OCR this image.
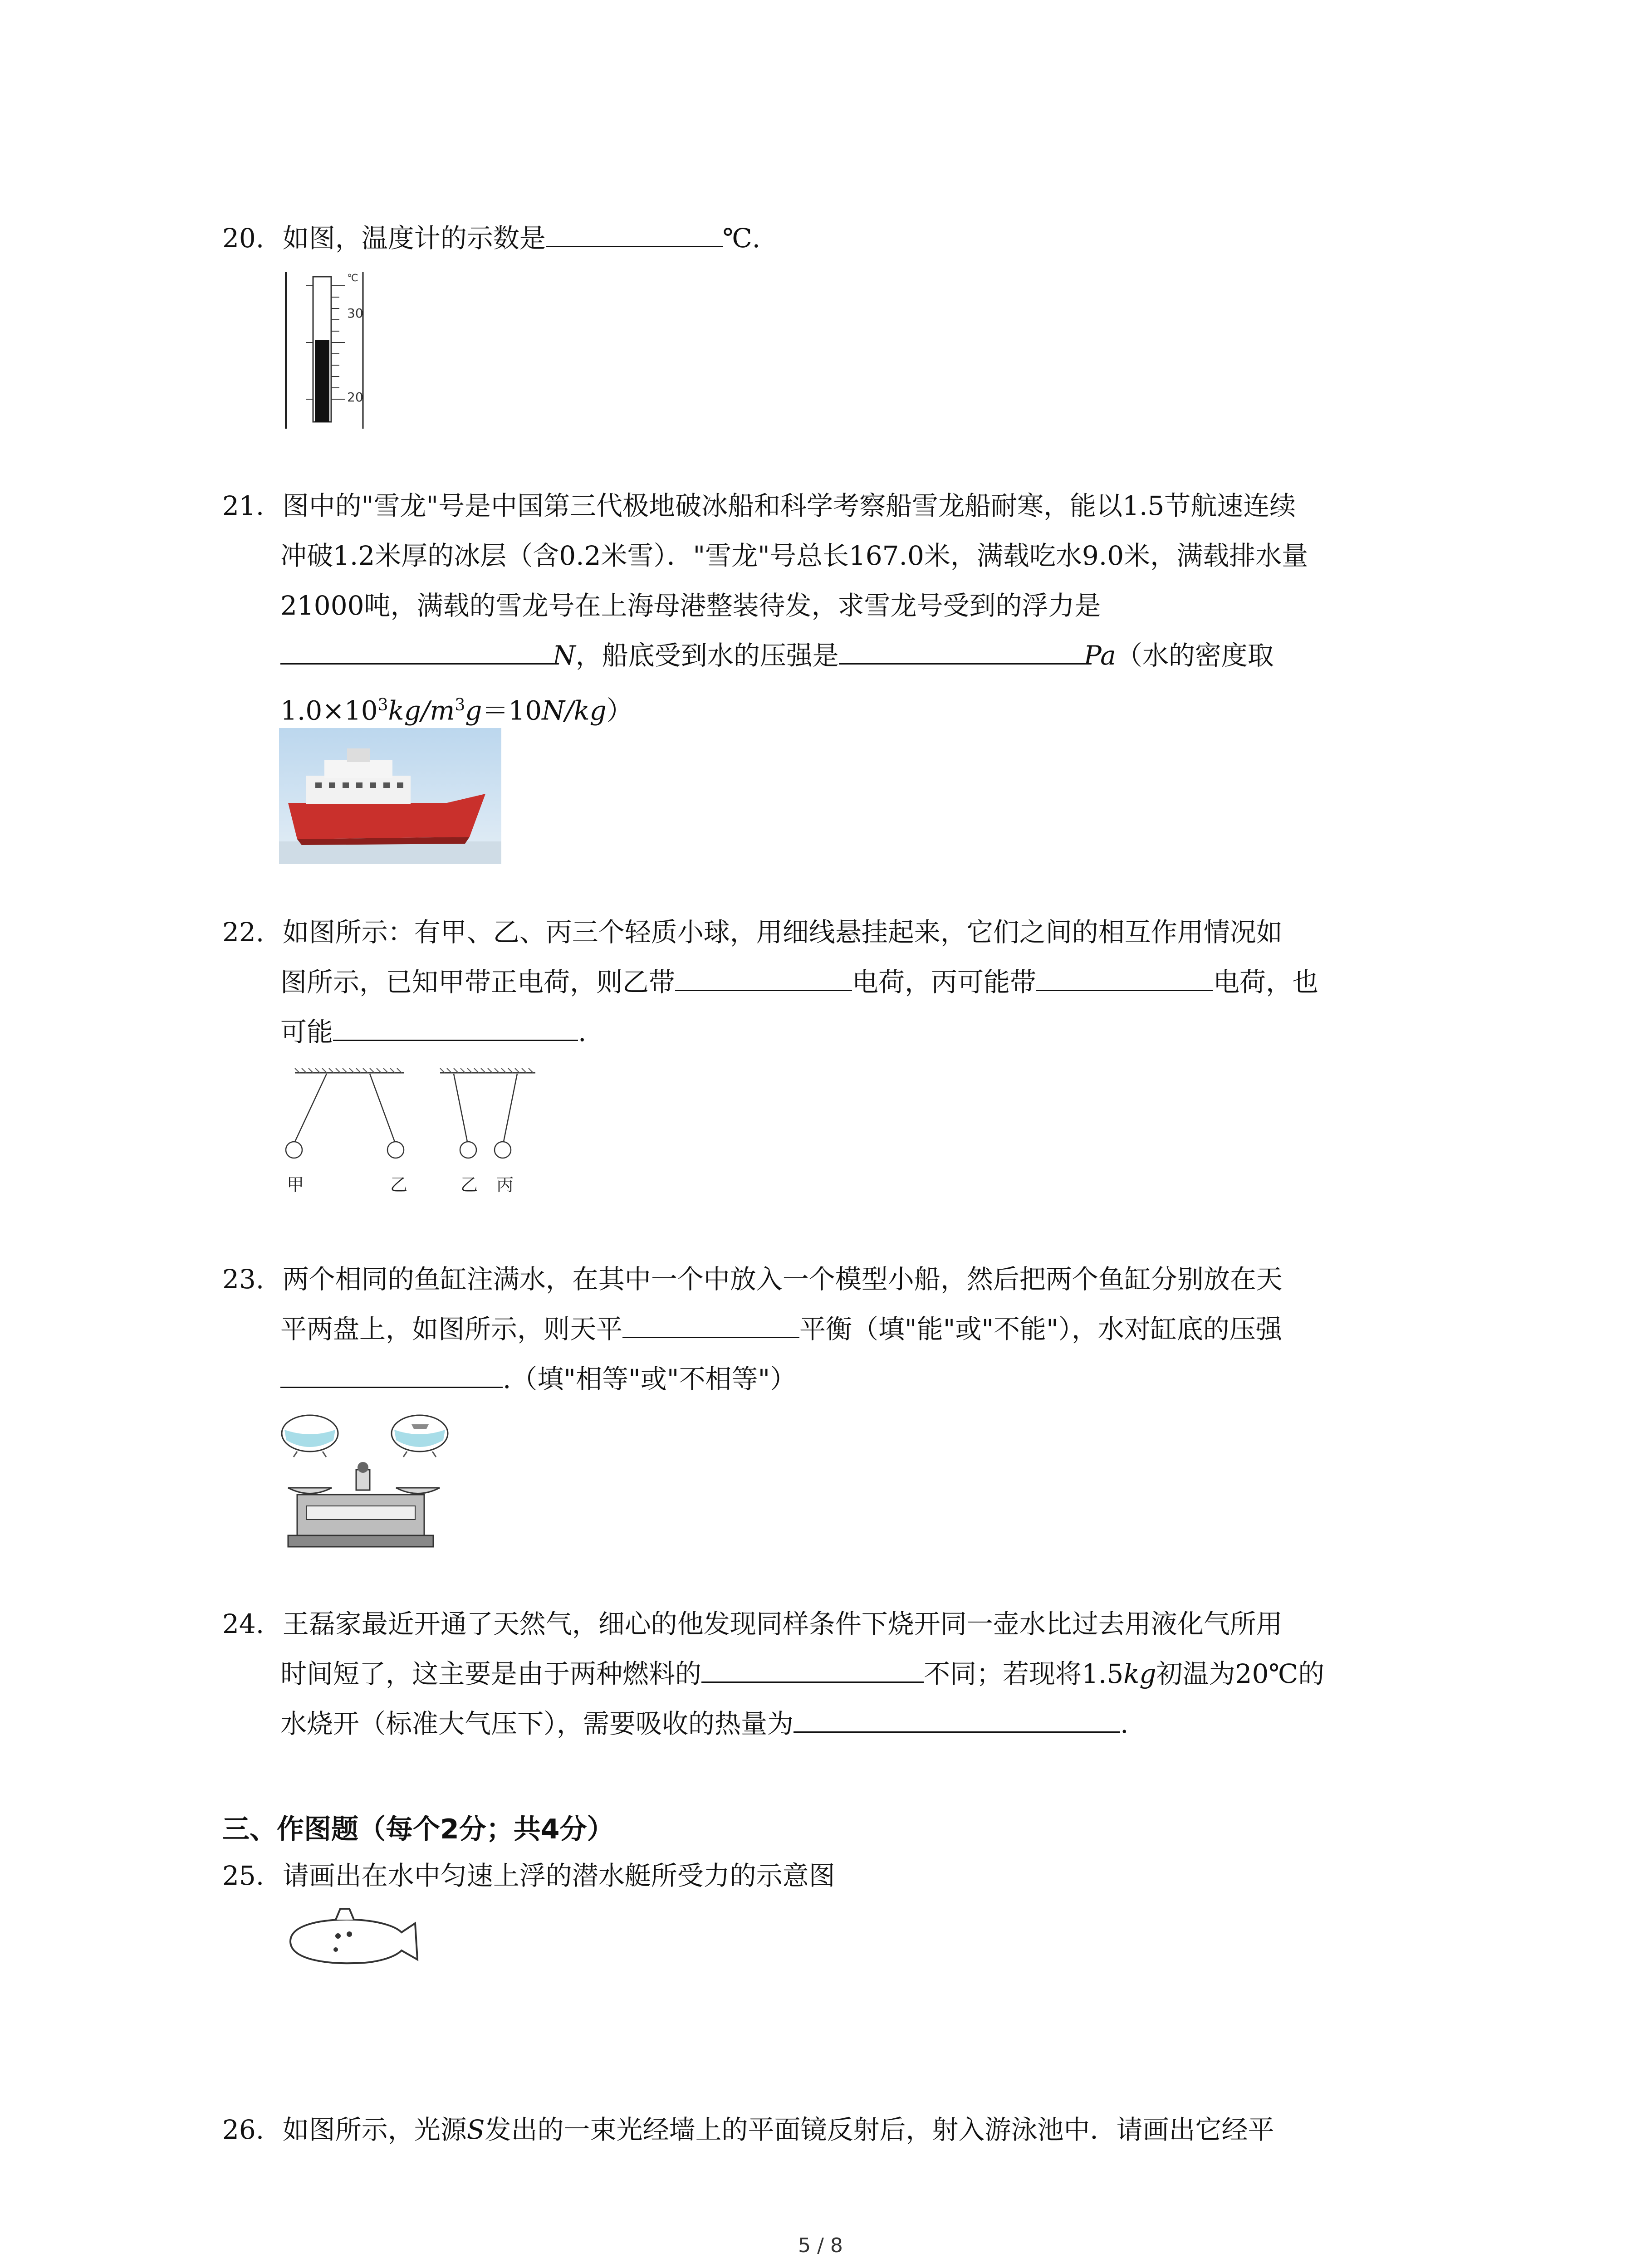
20. 如图，温度计的示数是	℃.
℃
30
20
21. 图中的"雪龙"号是中国第三代极地破冰船和科学考察船雪龙船耐寒，能以1.5节航速连续
冲破1.2米厚的冰层（含0.2米雪）．"雪龙"号总长167.0米，满载吃水9.0米，满载排水量
21000吨，满载的雪龙号在上海母港整装待发，求雪龙号受到的浮力是
N，船底受到水的压强是	Pa（水的密度取
$1.0\times 10^3kg/m^3g=10N/kg$）
22. 如图所示：有甲、乙、丙三个轻质小球，用细线悬挂起来，它们之间的相互作用情况如
图所示，已知甲带正电荷，则乙带	电荷，丙可能带	电荷，也
可能	.
甲	乙	乙 丙
23. 两个相同的鱼缸注满水，在其中一个中放入一个模型小船，然后把两个鱼缸分别放在天
平两盘上，如图所示，则天平	平衡（填"能"或"不能"），水对缸底的压强
.（填"相等"或"不相等"）
24. 王磊家最近开通了天然气，细心的他发现同样条件下烧开同一壶水比过去用液化气所用
时间短了，这主要是由于两种燃料的	不同；若现将1.5kg初温为20℃的
水烧开（标准大气压下），需要吸收的热量为	.
三、作图题（每个2分；共4分）
25. 请画出在水中匀速上浮的潜水艇所受力的示意图
26. 如图所示，光源S发出的一束光经墙上的平面镜反射后，射入游泳池中．请画出它经平
5 / 8
